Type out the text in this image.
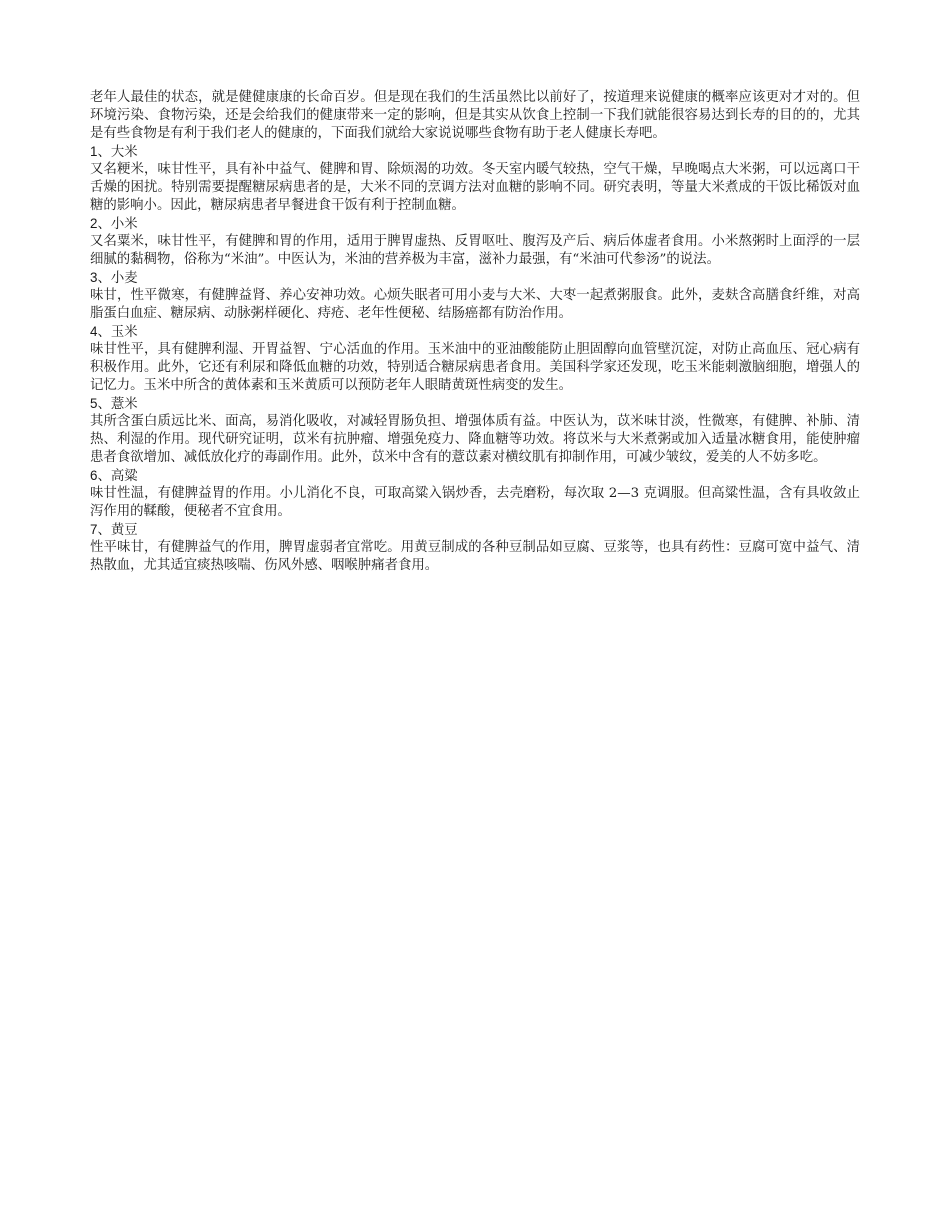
老年人最佳的状态，就是健健康康的长命百岁。但是现在我们的生活虽然比以前好了，按道理来说健康的概率应该更对才对的。但环境污染、食物污染，还是会给我们的健康带来一定的影响，但是其实从饮食上控制一下我们就能很容易达到长寿的目的的，尤其是有些食物是有利于我们老人的健康的，下面我们就给大家说说哪些食物有助于老人健康长寿吧。

1、大米

又名粳米，味甘性平，具有补中益气、健脾和胃、除烦渴的功效。冬天室内暖气较热，空气干燥，早晚喝点大米粥，可以远离口干舌燥的困扰。特别需要提醒糖尿病患者的是，大米不同的烹调方法对血糖的影响不同。研究表明，等量大米煮成的干饭比稀饭对血糖的影响小。因此，糖尿病患者早餐进食干饭有利于控制血糖。

2、小米

又名粟米，味甘性平，有健脾和胃的作用，适用于脾胃虚热、反胃呕吐、腹泻及产后、病后体虚者食用。小米熬粥时上面浮的一层细腻的黏稠物，俗称为“米油”。中医认为，米油的营养极为丰富，滋补力最强，有“米油可代参汤”的说法。

3、小麦

味甘，性平微寒，有健脾益肾、养心安神功效。心烦失眠者可用小麦与大米、大枣一起煮粥服食。此外，麦麸含高膳食纤维，对高脂蛋白血症、糖尿病、动脉粥样硬化、痔疮、老年性便秘、结肠癌都有防治作用。

4、玉米

味甘性平，具有健脾利湿、开胃益智、宁心活血的作用。玉米油中的亚油酸能防止胆固醇向血管壁沉淀，对防止高血压、冠心病有积极作用。此外，它还有利尿和降低血糖的功效，特别适合糖尿病患者食用。美国科学家还发现，吃玉米能刺激脑细胞，增强人的记忆力。玉米中所含的黄体素和玉米黄质可以预防老年人眼睛黄斑性病变的发生。

5、薏米

其所含蛋白质远比米、面高，易消化吸收，对减轻胃肠负担、增强体质有益。中医认为，苡米味甘淡，性微寒，有健脾、补肺、清热、利湿的作用。现代研究证明，苡米有抗肿瘤、增强免疫力、降血糖等功效。将苡米与大米煮粥或加入适量冰糖食用，能使肿瘤患者食欲增加、减低放化疗的毒副作用。此外，苡米中含有的薏苡素对横纹肌有抑制作用，可减少皱纹，爱美的人不妨多吃。

6、高粱

味甘性温，有健脾益胃的作用。小儿消化不良，可取高粱入锅炒香，去壳磨粉，每次取 2—3 克调服。但高粱性温，含有具收敛止泻作用的鞣酸，便秘者不宜食用。

7、黄豆

性平味甘，有健脾益气的作用，脾胃虚弱者宜常吃。用黄豆制成的各种豆制品如豆腐、豆浆等，也具有药性：豆腐可宽中益气、清热散血，尤其适宜痰热咳喘、伤风外感、咽喉肿痛者食用。
